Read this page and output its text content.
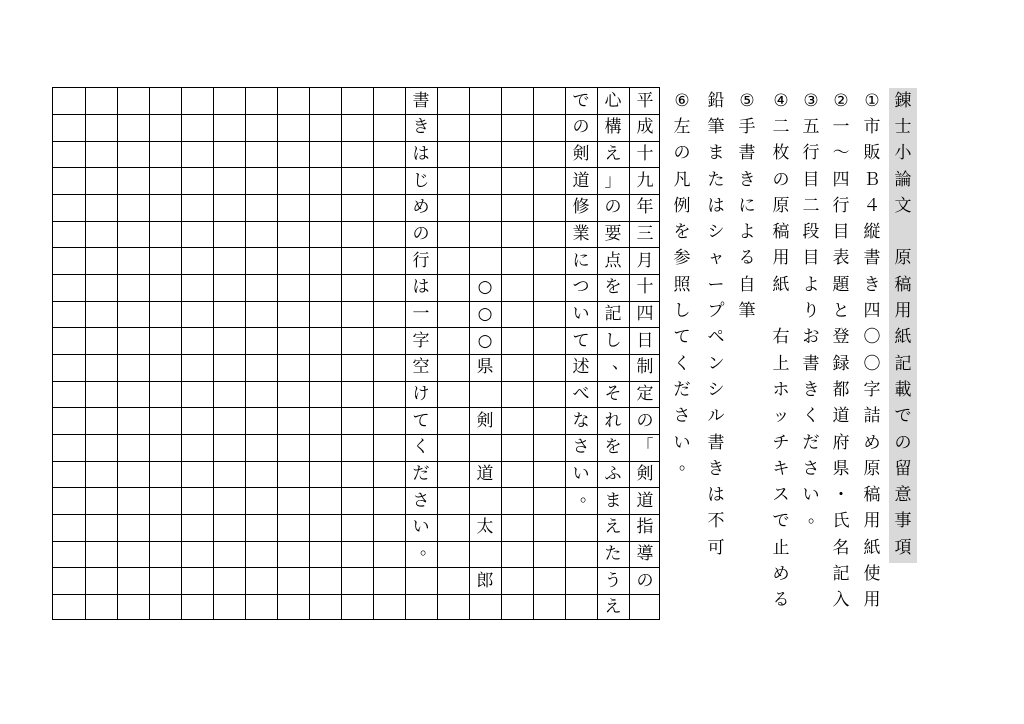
平
成
十
九
年
三
月
十
四
日
制
定
の
「
剣
道
指
導
の
心
構
え
」
の
要
点
を
記
し
、
そ
れ
を
ふ
ま
え
た
う
え
で
の
剣
道
修
業
に
つ
い
て
述
べ
な
さ
い
。
○
○
○
県
剣
道
太
郎
書
き
は
じ
め
の
行
は
一
字
空
け
て
く
だ
さ
い
。
錬
士
小
論
文

原
稿
用
紙
記
載
で
の
留
意
事
項
①
市
販
Ｂ
４
縦
書
き
四
〇
〇
字
詰
め
原
稿
用
紙
使
用
②
一
〜
四
行
目
表
題
と
登
録
都
道
府
県
・
氏
名
記
入
③
五
行
目
二
段
目
よ
り
お
書
き
く
だ
さ
い
。
④
二
枚
の
原
稿
用
紙

右
上
ホ
ッ
チ
キ
ス
で
止
め
る
⑤
手
書
き
に
よ
る
自
筆
鉛
筆
ま
た
は
シ
ャ
ー
プ
ペ
ン
シ
ル
書
き
は
不
可
⑥
左
の
凡
例
を
参
照
し
て
く
だ
さ
い
。
